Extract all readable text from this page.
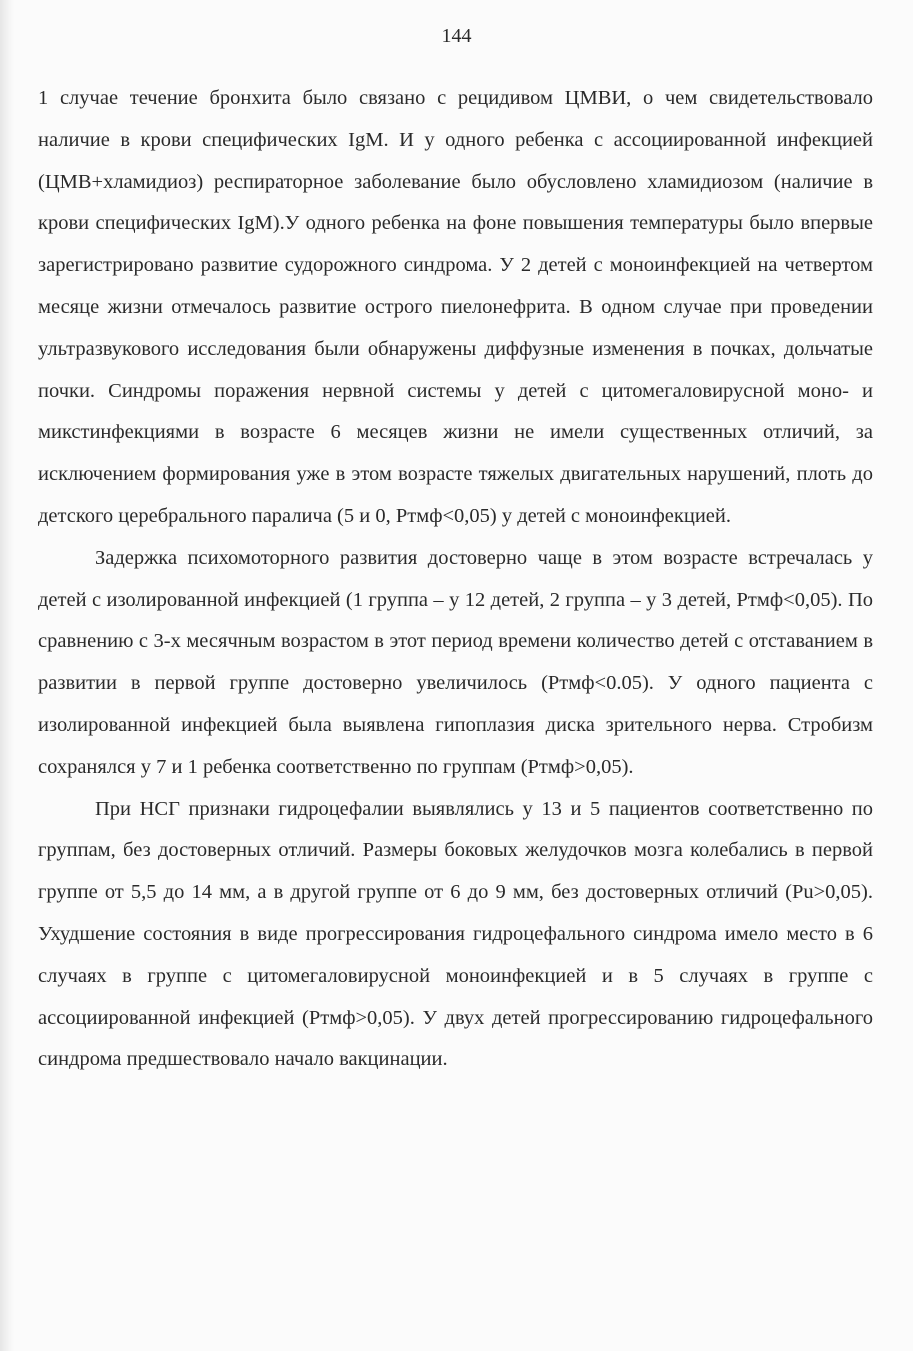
144

1 случае течение бронхита было связано с рецидивом ЦМВИ, о чем свидетельствовало наличие в крови специфических IgM. И у одного ребенка с ассоциированной инфекцией (ЦМВ+хламидиоз) респираторное заболевание было обусловлено хламидиозом (наличие в крови специфических IgM).У одного ребенка на фоне повышения температуры было впервые зарегистрировано развитие судорожного синдрома. У 2 детей с моноинфекцией на четвертом месяце жизни отмечалось развитие острого пиелонефрита. В одном случае при проведении ультразвукового исследования были обнаружены диффузные изменения в почках, дольчатые почки. Синдромы поражения нервной системы у детей с цитомегаловирусной моно- и микстинфекциями в возрасте 6 месяцев жизни не имели существенных отличий, за исключением формирования уже в этом возрасте тяжелых двигательных нарушений, плоть до детского церебрального паралича (5 и 0, Ртмф<0,05) у детей с моноинфекцией.

Задержка психомоторного развития достоверно чаще в этом возрасте встречалась у детей с изолированной инфекцией (1 группа – у 12 детей, 2 группа – у 3 детей, Ртмф<0,05). По сравнению с 3-х месячным возрастом в этот период времени количество детей с отставанием в развитии в первой группе достоверно увеличилось (Ртмф<0.05). У одного пациента с изолированной инфекцией была выявлена гипоплазия диска зрительного нерва. Стробизм сохранялся у 7 и 1 ребенка соответственно по группам (Ртмф>0,05).

При НСГ признаки гидроцефалии выявлялись у 13 и 5 пациентов соответственно по группам, без достоверных отличий. Размеры боковых желудочков мозга колебались в первой группе от 5,5 до 14 мм, а в другой группе от 6 до 9 мм, без достоверных отличий (Pu>0,05). Ухудшение состояния в виде прогрессирования гидроцефального синдрома имело место в 6 случаях в группе с цитомегаловирусной моноинфекцией и в 5 случаях в группе с ассоциированной инфекцией (Ртмф>0,05). У двух детей прогрессированию гидроцефального синдрома предшествовало начало вакцинации.
